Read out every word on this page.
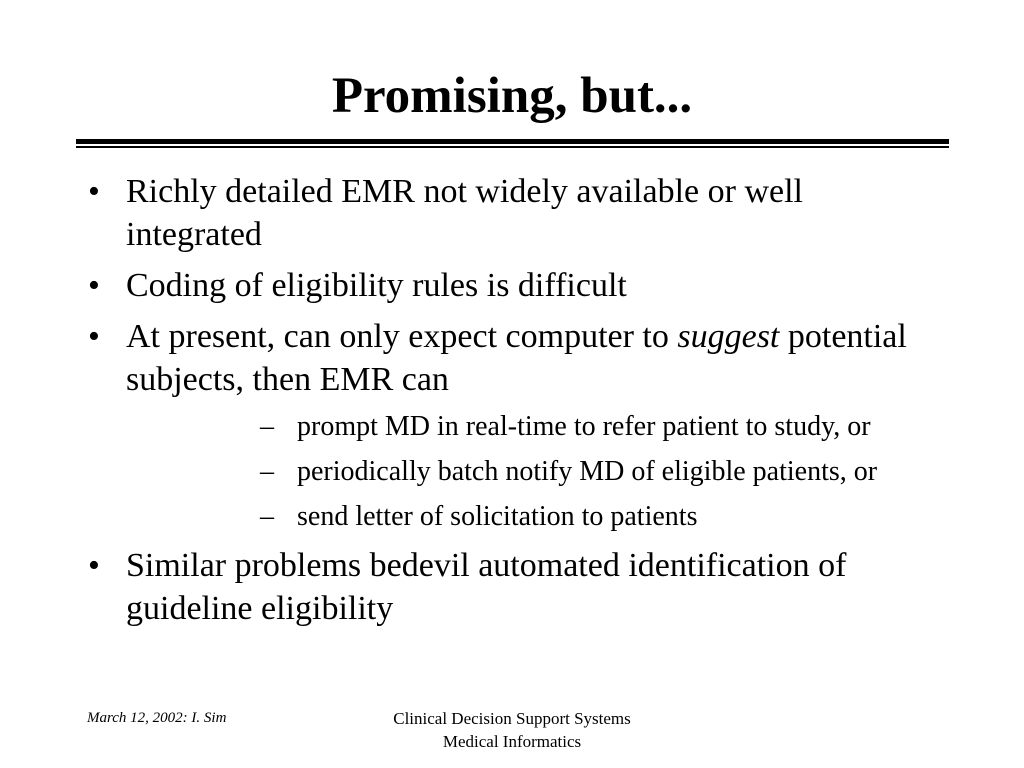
Promising, but...
• Richly detailed EMR not widely available or well integrated
• Coding of eligibility rules is difficult
• At present, can only expect computer to suggest potential subjects, then EMR can
– prompt MD in real-time to refer patient to study, or
– periodically batch notify MD of eligible patients, or
– send letter of solicitation to patients
• Similar problems bedevil automated identification of guideline eligibility
March 12, 2002: I. Sim	Clinical Decision Support Systems
Medical Informatics
